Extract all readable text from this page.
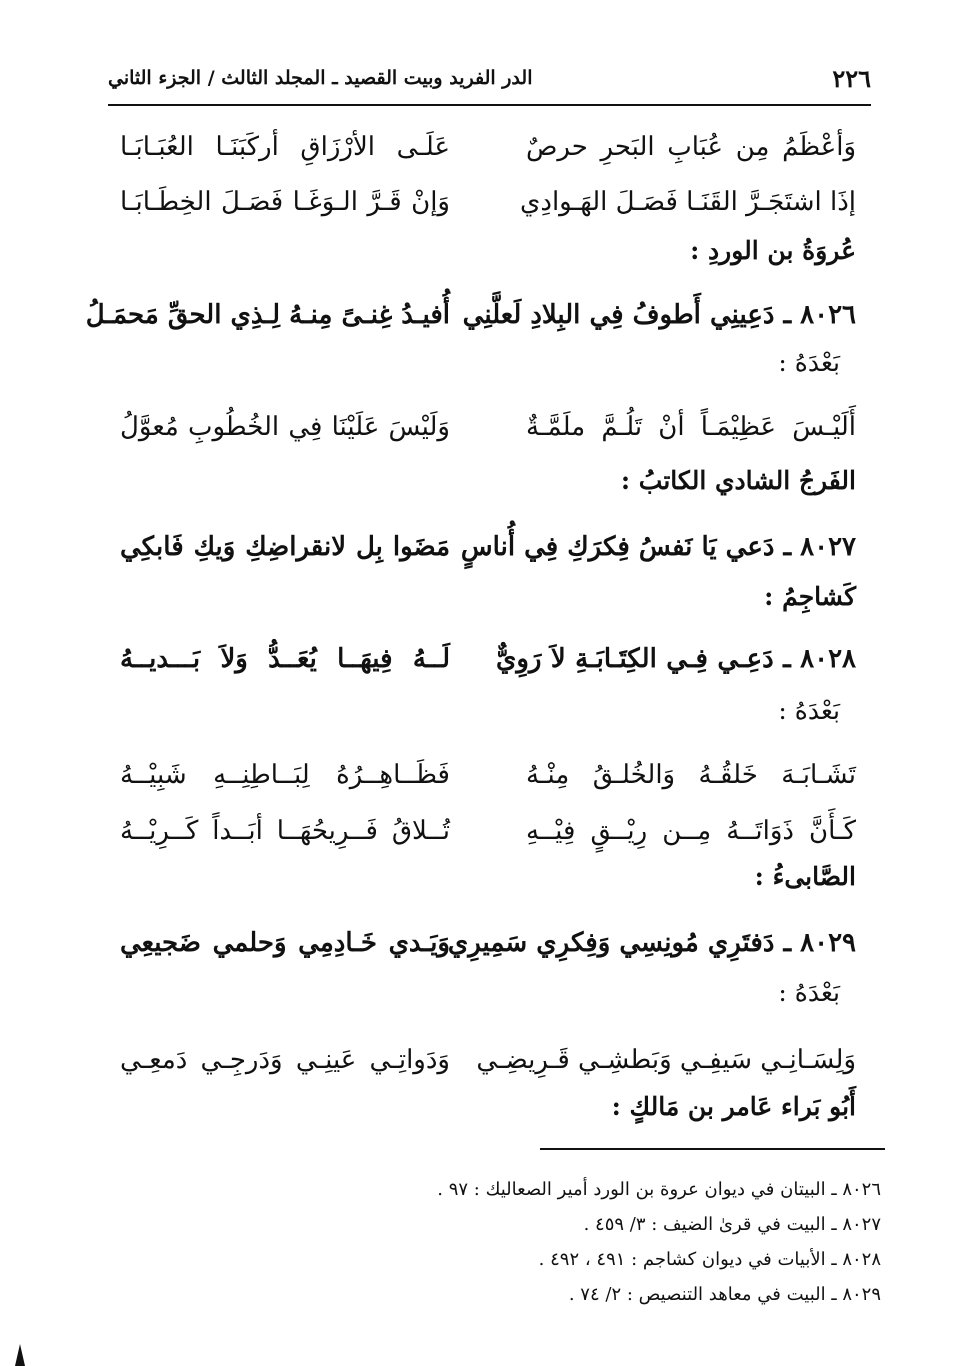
الدر الفريد وبيت القصيد ـ المجلد الثالث / الجزء الثاني	٢٢٦
وَأعْظَمُ مِن عُبَابِ البَحرِ حرصٌ
عَلَـى الأرْزَاقِ أركَبَنَـا العُبَـابَـا
إذَا اشتَجَـرَّ القَنَـا فَصَـلَ الهَـوادِي
وَإنْ قَـرَّ الـوَغَـا فَصَـلَ الخِطَـابَـا
عُروَةُ بن الوردِ :
٨٠٢٦ ـ دَعِينِي أَطوفُ فِي البِلادِ لَعلَّنِي
أُفيـدُ غِنـىً مِنـهُ لِـذِي الحقِّ مَحمَـلُ
بَعْدَهُ :
أَلَيْـسَ عَظِيْمَـاً أنْ تَلُـمَّ ملَمَّـةٌ
وَلَيْسَ عَلَيْنَا فِي الخُطُوبِ مُعوَّلُ
الفَرجُ الشادي الكاتبُ :
٨٠٢٧ ـ دَعي يَا نَفسُ فِكرَكِ فِي أُناسٍ
مَضَوا بِل لانقراضِكِ وَيكِ فَابكِي
كَشاجِمُ :
٨٠٢٨ ـ دَعِـي فِـي الكِتَـابَـةِ لاَ رَوِيٌّ
لَــهُ فِيهَــا يُعَــدُّ وَلاَ بَـــديــهُ
بَعْدَهُ :
تَشَـابَـهَ خَلقُـهُ وَالخُلـقُ مِنْـهُ
فَظَــاهِــرُهُ لِبَــاطِنِــهِ شَبِيْــهُ
كَـأَنَّ ذَوَاتَــهُ مِــن رِيْــقٍ فِيْــهِ
تُــلاقُ فَــرِيحُهَــا أبَــداً كَــرِيْــهُ
الصَّابىءُ :
٨٠٢٩ ـ دَفتَرِي مُونِسِي وَفِكرِي سَمِيرِي
وَيَـدي خَـادِمِي وَحلمي ضَجيعِي
بَعْدَهُ :
وَلِسَـانِـي سَيفِـي وَبَطشِـي قَـرِيضِـي
وَدَواتِـي عَينِـي وَدَرجِـي دَمعِـي
أَبُو بَراء عَامر بن مَالكٍ :
٨٠٢٦ ـ البيتان في ديوان عروة بن الورد أمير الصعاليك : ٩٧ .
٨٠٢٧ ـ البيت في قرىٰ الضيف : ٣/ ٤٥٩ .
٨٠٢٨ ـ الأبيات في ديوان كشاجم : ٤٩١ ، ٤٩٢ .
٨٠٢٩ ـ البيت في معاهد التنصيص : ٢/ ٧٤ .
